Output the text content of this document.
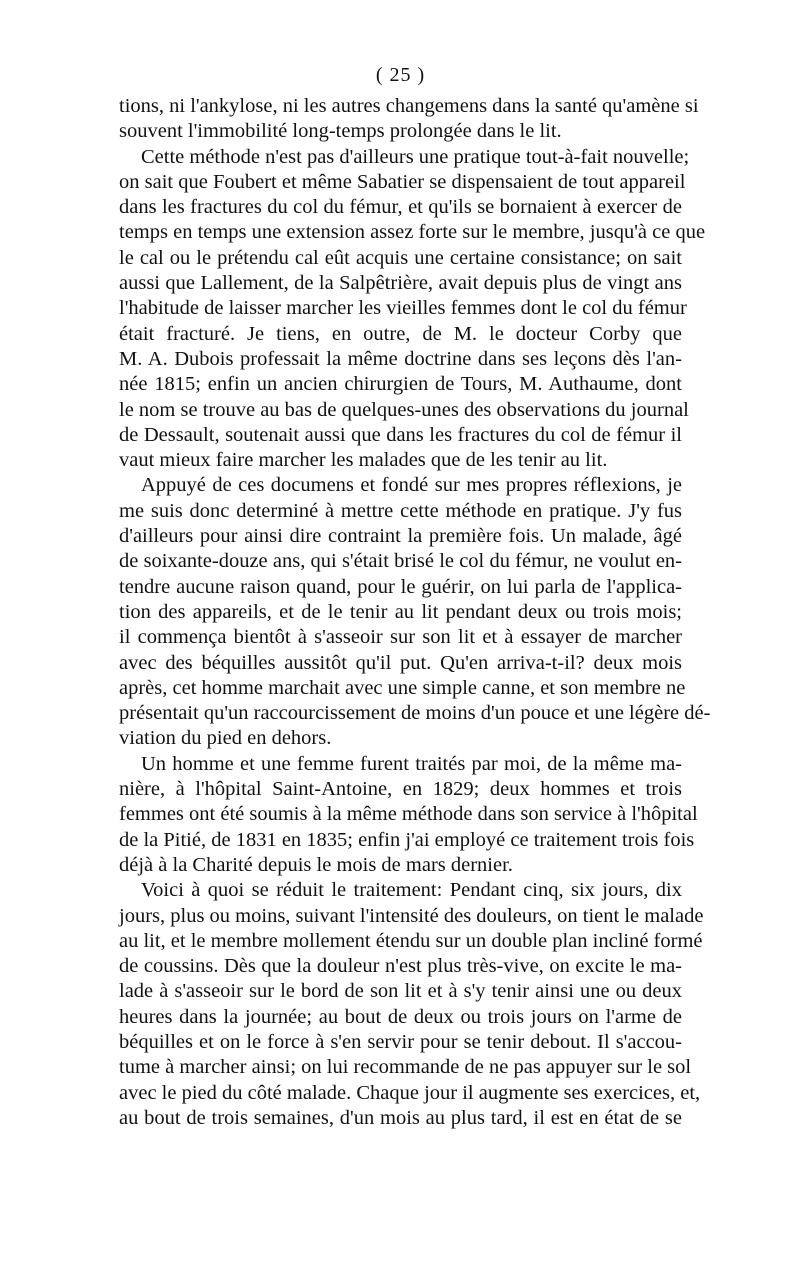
( 25 )
tions, ni l'ankylose, ni les autres changemens dans la santé qu'amène si
souvent l'immobilité long-temps prolongée dans le lit.
Cette méthode n'est pas d'ailleurs une pratique tout-à-fait nouvelle;
on sait que Foubert et même Sabatier se dispensaient de tout appareil
dans les fractures du col du fémur, et qu'ils se bornaient à exercer de
temps en temps une extension assez forte sur le membre, jusqu'à ce que
le cal ou le prétendu cal eût acquis une certaine consistance; on sait
aussi que Lallement, de la Salpêtrière, avait depuis plus de vingt ans
l'habitude de laisser marcher les vieilles femmes dont le col du fémur
était fracturé. Je tiens, en outre, de M. le docteur Corby que
M. A. Dubois professait la même doctrine dans ses leçons dès l'an-
née 1815; enfin un ancien chirurgien de Tours, M. Authaume, dont
le nom se trouve au bas de quelques-unes des observations du journal
de Dessault, soutenait aussi que dans les fractures du col de fémur il
vaut mieux faire marcher les malades que de les tenir au lit.
Appuyé de ces documens et fondé sur mes propres réflexions, je
me suis donc determiné à mettre cette méthode en pratique. J'y fus
d'ailleurs pour ainsi dire contraint la première fois. Un malade, âgé
de soixante-douze ans, qui s'était brisé le col du fémur, ne voulut en-
tendre aucune raison quand, pour le guérir, on lui parla de l'applica-
tion des appareils, et de le tenir au lit pendant deux ou trois mois;
il commença bientôt à s'asseoir sur son lit et à essayer de marcher
avec des béquilles aussitôt qu'il put. Qu'en arriva-t-il? deux mois
après, cet homme marchait avec une simple canne, et son membre ne
présentait qu'un raccourcissement de moins d'un pouce et une légère dé-
viation du pied en dehors.
Un homme et une femme furent traités par moi, de la même ma-
nière, à l'hôpital Saint-Antoine, en 1829; deux hommes et trois
femmes ont été soumis à la même méthode dans son service à l'hôpital
de la Pitié, de 1831 en 1835; enfin j'ai employé ce traitement trois fois
déjà à la Charité depuis le mois de mars dernier.
Voici à quoi se réduit le traitement: Pendant cinq, six jours, dix
jours, plus ou moins, suivant l'intensité des douleurs, on tient le malade
au lit, et le membre mollement étendu sur un double plan incliné formé
de coussins. Dès que la douleur n'est plus très-vive, on excite le ma-
lade à s'asseoir sur le bord de son lit et à s'y tenir ainsi une ou deux
heures dans la journée; au bout de deux ou trois jours on l'arme de
béquilles et on le force à s'en servir pour se tenir debout. Il s'accou-
tume à marcher ainsi; on lui recommande de ne pas appuyer sur le sol
avec le pied du côté malade. Chaque jour il augmente ses exercices, et,
au bout de trois semaines, d'un mois au plus tard, il est en état de se
